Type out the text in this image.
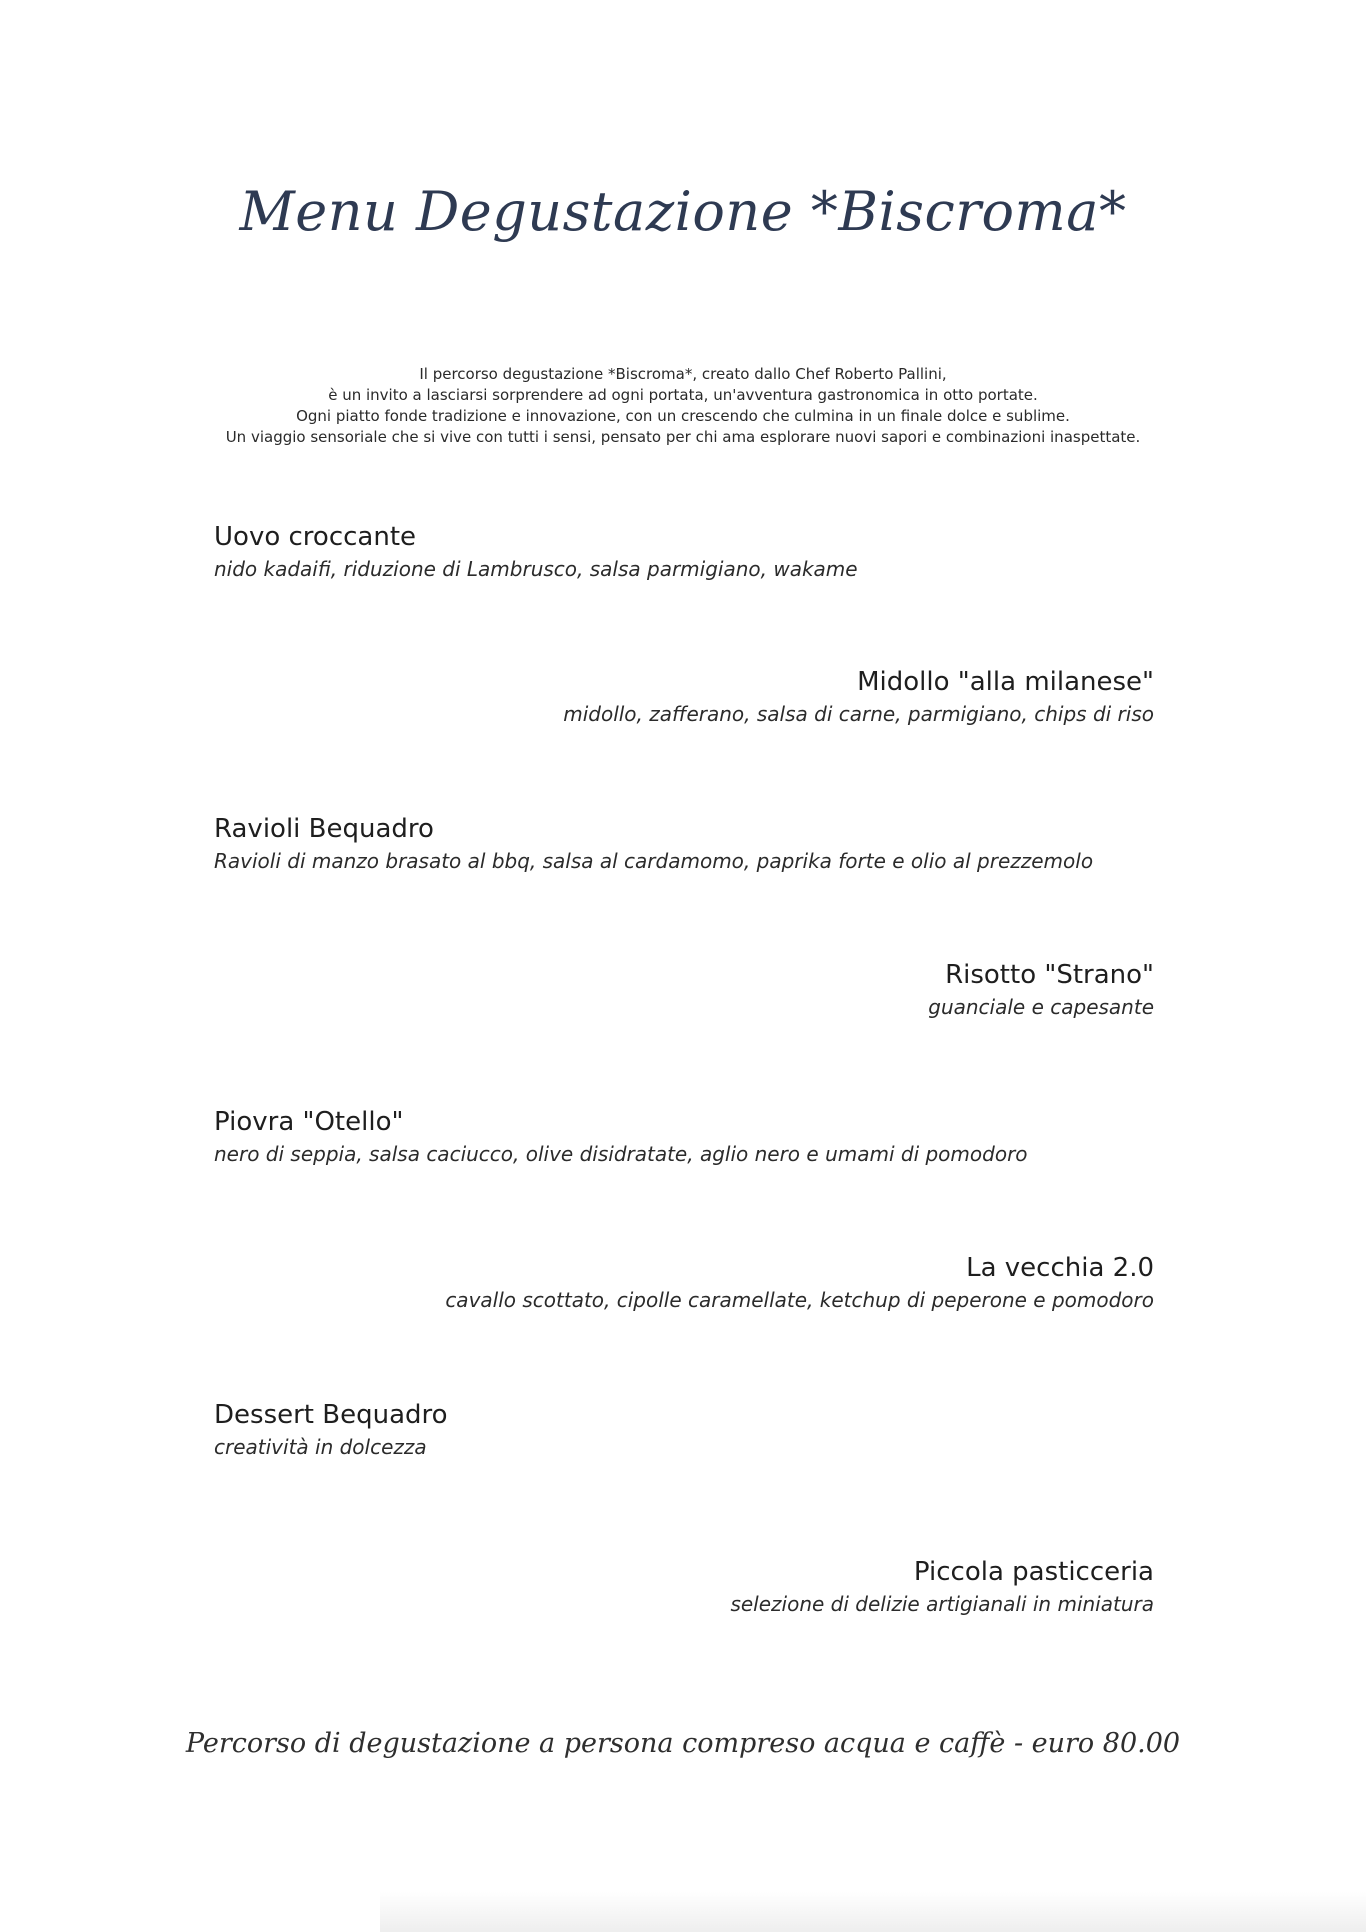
Menu Degustazione *Biscroma*
Il percorso degustazione *Biscroma*, creato dallo Chef Roberto Pallini,
è un invito a lasciarsi sorprendere ad ogni portata, un'avventura gastronomica in otto portate.
Ogni piatto fonde tradizione e innovazione, con un crescendo che culmina in un finale dolce e sublime.
Un viaggio sensoriale che si vive con tutti i sensi, pensato per chi ama esplorare nuovi sapori e combinazioni inaspettate.
Uovo croccante
nido kadaifi, riduzione di Lambrusco, salsa parmigiano, wakame
Midollo "alla milanese"
midollo, zafferano, salsa di carne, parmigiano, chips di riso
Ravioli Bequadro
Ravioli di manzo brasato al bbq, salsa al cardamomo, paprika forte e olio al prezzemolo
Risotto "Strano"
guanciale e capesante
Piovra "Otello"
nero di seppia, salsa caciucco, olive disidratate, aglio nero e umami di pomodoro
La vecchia 2.0
cavallo scottato, cipolle caramellate, ketchup di peperone e pomodoro
Dessert Bequadro
creatività in dolcezza
Piccola pasticceria
selezione di delizie artigianali in miniatura
Percorso di degustazione a persona compreso acqua e caffè - euro 80.00
